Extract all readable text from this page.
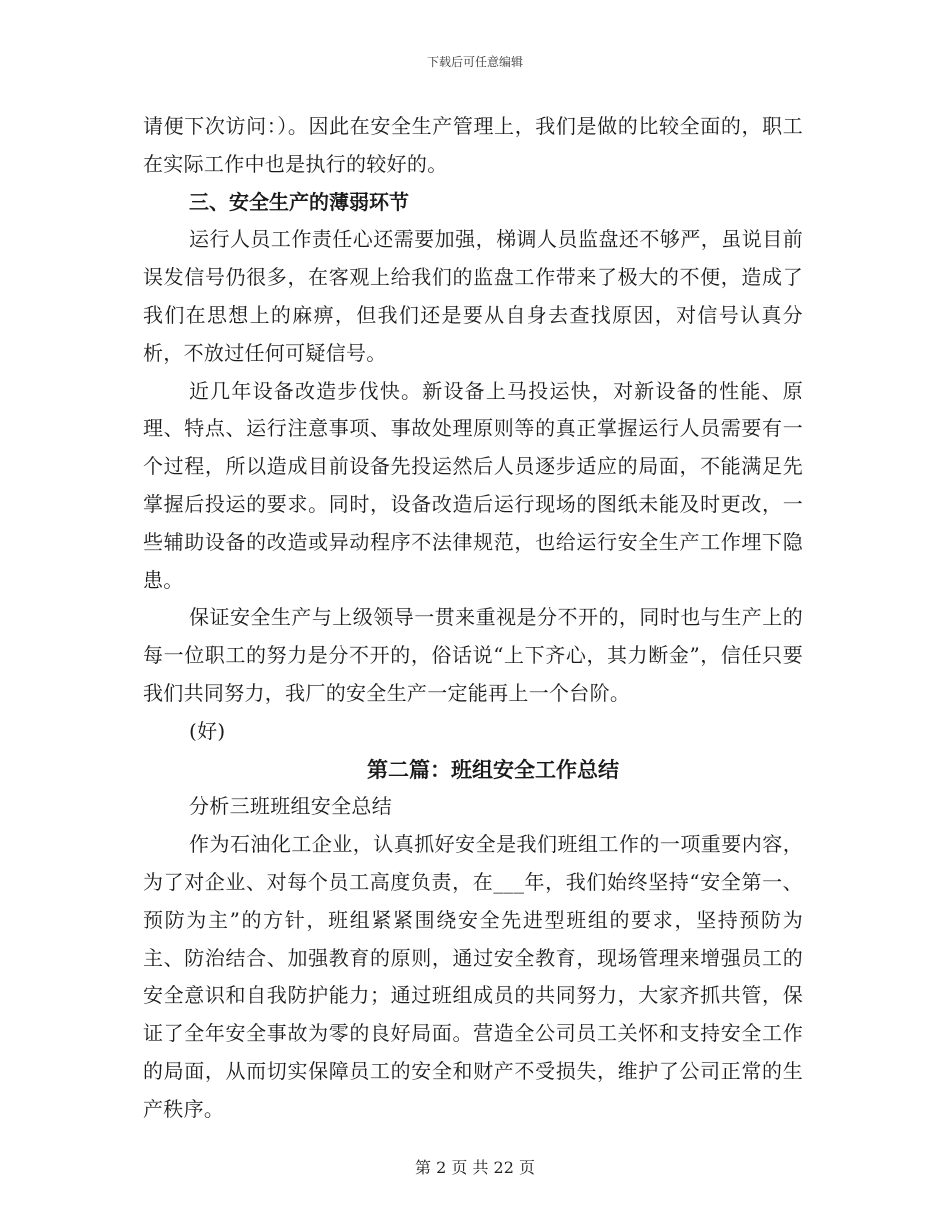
下载后可任意编辑

请便下次访问：）。因此在安全生产管理上，我们是做的比较全面的，职工在实际工作中也是执行的较好的。

三、安全生产的薄弱环节

运行人员工作责任心还需要加强，梯调人员监盘还不够严，虽说目前误发信号仍很多，在客观上给我们的监盘工作带来了极大的不便，造成了我们在思想上的麻痹，但我们还是要从自身去查找原因，对信号认真分析，不放过任何可疑信号。

近几年设备改造步伐快。新设备上马投运快，对新设备的性能、原理、特点、运行注意事项、事故处理原则等的真正掌握运行人员需要有一个过程，所以造成目前设备先投运然后人员逐步适应的局面，不能满足先掌握后投运的要求。同时，设备改造后运行现场的图纸未能及时更改，一些辅助设备的改造或异动程序不法律规范，也给运行安全生产工作埋下隐患。

保证安全生产与上级领导一贯来重视是分不开的，同时也与生产上的每一位职工的努力是分不开的，俗话说“上下齐心，其力断金”，信任只要我们共同努力，我厂的安全生产一定能再上一个台阶。

(好)

第二篇：班组安全工作总结

分析三班班组安全总结

作为石油化工企业，认真抓好安全是我们班组工作的一项重要内容，为了对企业、对每个员工高度负责，在___年，我们始终坚持“安全第一、预防为主”的方针，班组紧紧围绕安全先进型班组的要求，坚持预防为主、防治结合、加强教育的原则，通过安全教育，现场管理来增强员工的安全意识和自我防护能力；通过班组成员的共同努力，大家齐抓共管，保证了全年安全事故为零的良好局面。营造全公司员工关怀和支持安全工作的局面，从而切实保障员工的安全和财产不受损失，维护了公司正常的生产秩序。

第 2 页 共 22 页
